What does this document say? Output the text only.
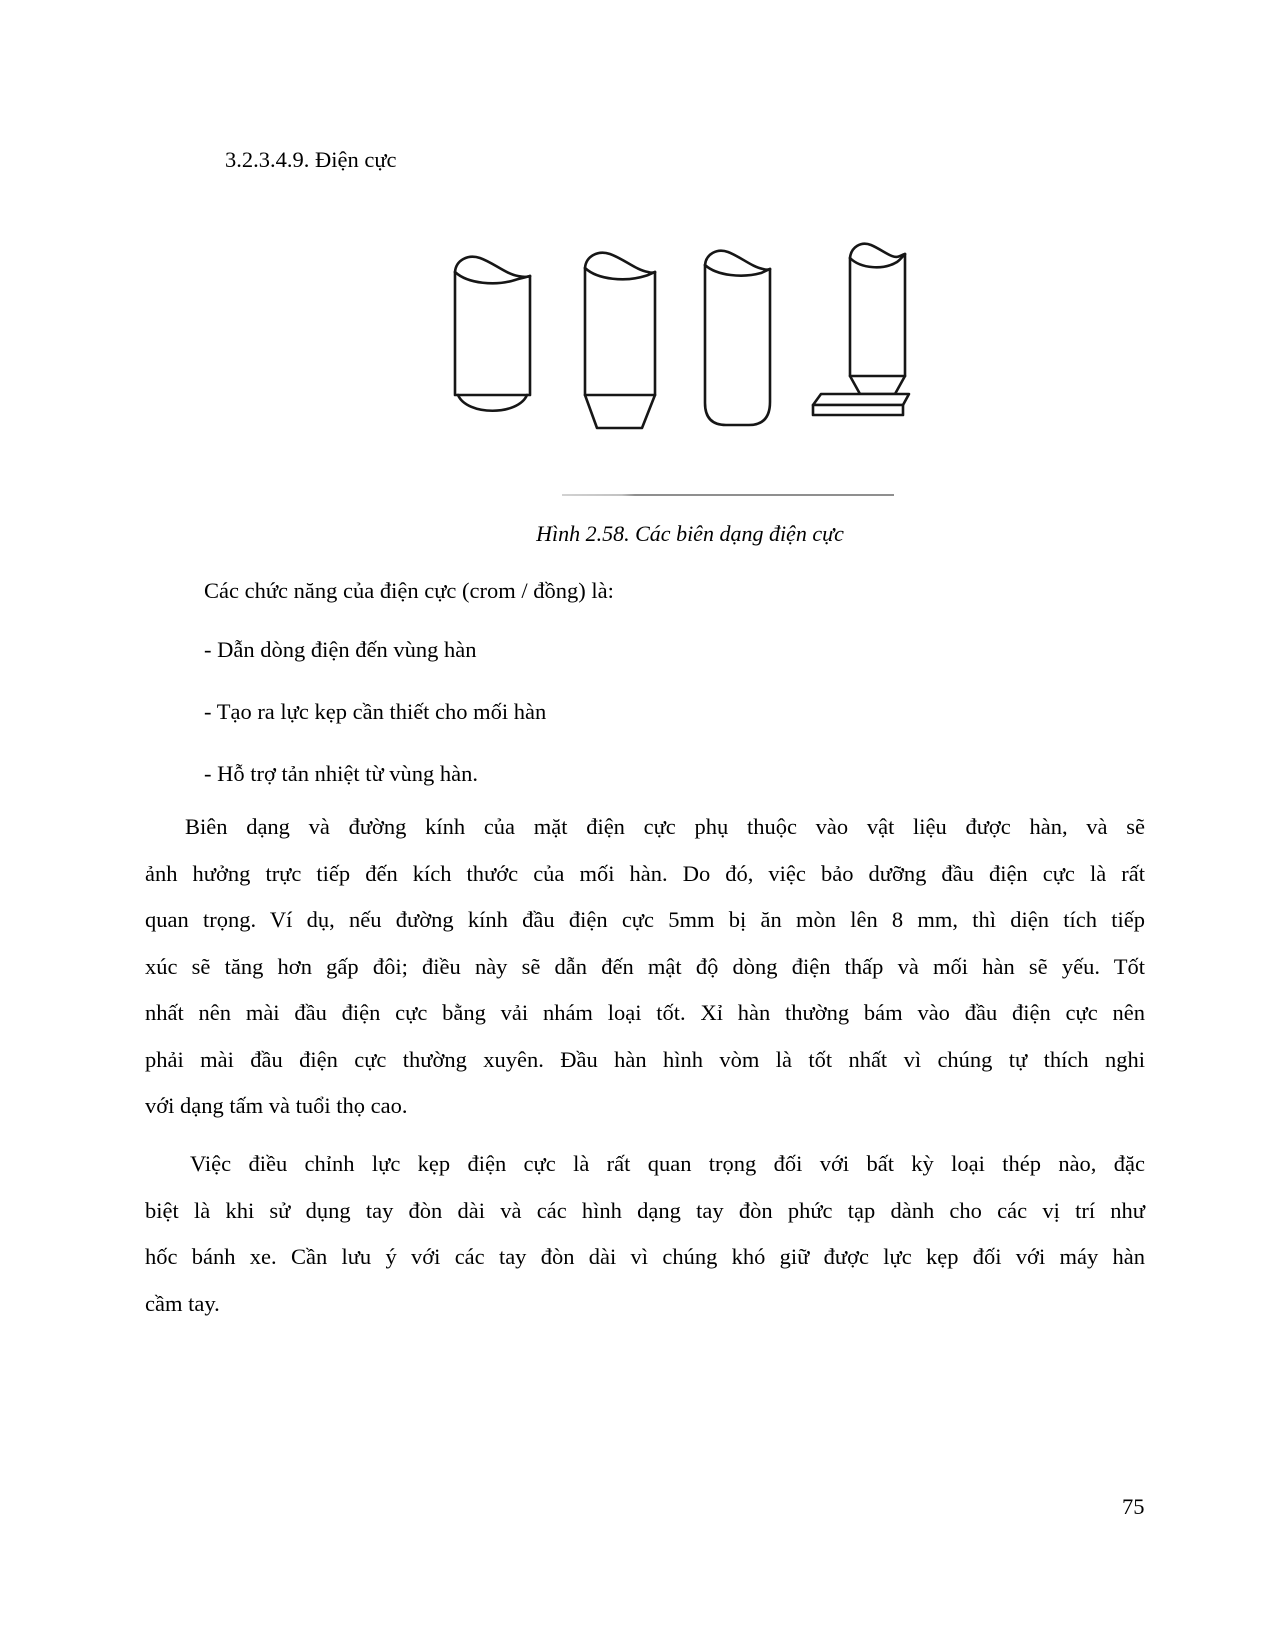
3.2.3.4.9. Điện cực
Hình 2.58. Các biên dạng điện cực
Các chức năng của điện cực (crom / đồng) là:
- Dẫn dòng điện đến vùng hàn
- Tạo ra lực kẹp cần thiết cho mối hàn
- Hỗ trợ tản nhiệt từ vùng hàn.
Biên dạng và đường kính của mặt điện cực phụ thuộc vào vật liệu được hàn, và sẽ
ảnh hưởng trực tiếp đến kích thước của mối hàn. Do đó, việc bảo dưỡng đầu điện cực là rất
quan trọng. Ví dụ, nếu đường kính đầu điện cực 5mm bị ăn mòn lên 8 mm, thì diện tích tiếp
xúc sẽ tăng hơn gấp đôi; điều này sẽ dẫn đến mật độ dòng điện thấp và mối hàn sẽ yếu. Tốt
nhất nên mài đầu điện cực bằng vải nhám loại tốt. Xỉ hàn thường bám vào đầu điện cực nên
phải mài đầu điện cực thường xuyên. Đầu hàn hình vòm là tốt nhất vì chúng tự thích nghi
với dạng tấm và tuổi thọ cao.
Việc điều chỉnh lực kẹp điện cực là rất quan trọng đối với bất kỳ loại thép nào, đặc
biệt là khi sử dụng tay đòn dài và các hình dạng tay đòn phức tạp dành cho các vị trí như
hốc bánh xe. Cần lưu ý với các tay đòn dài vì chúng khó giữ được lực kẹp đối với máy hàn
cầm tay.
75
